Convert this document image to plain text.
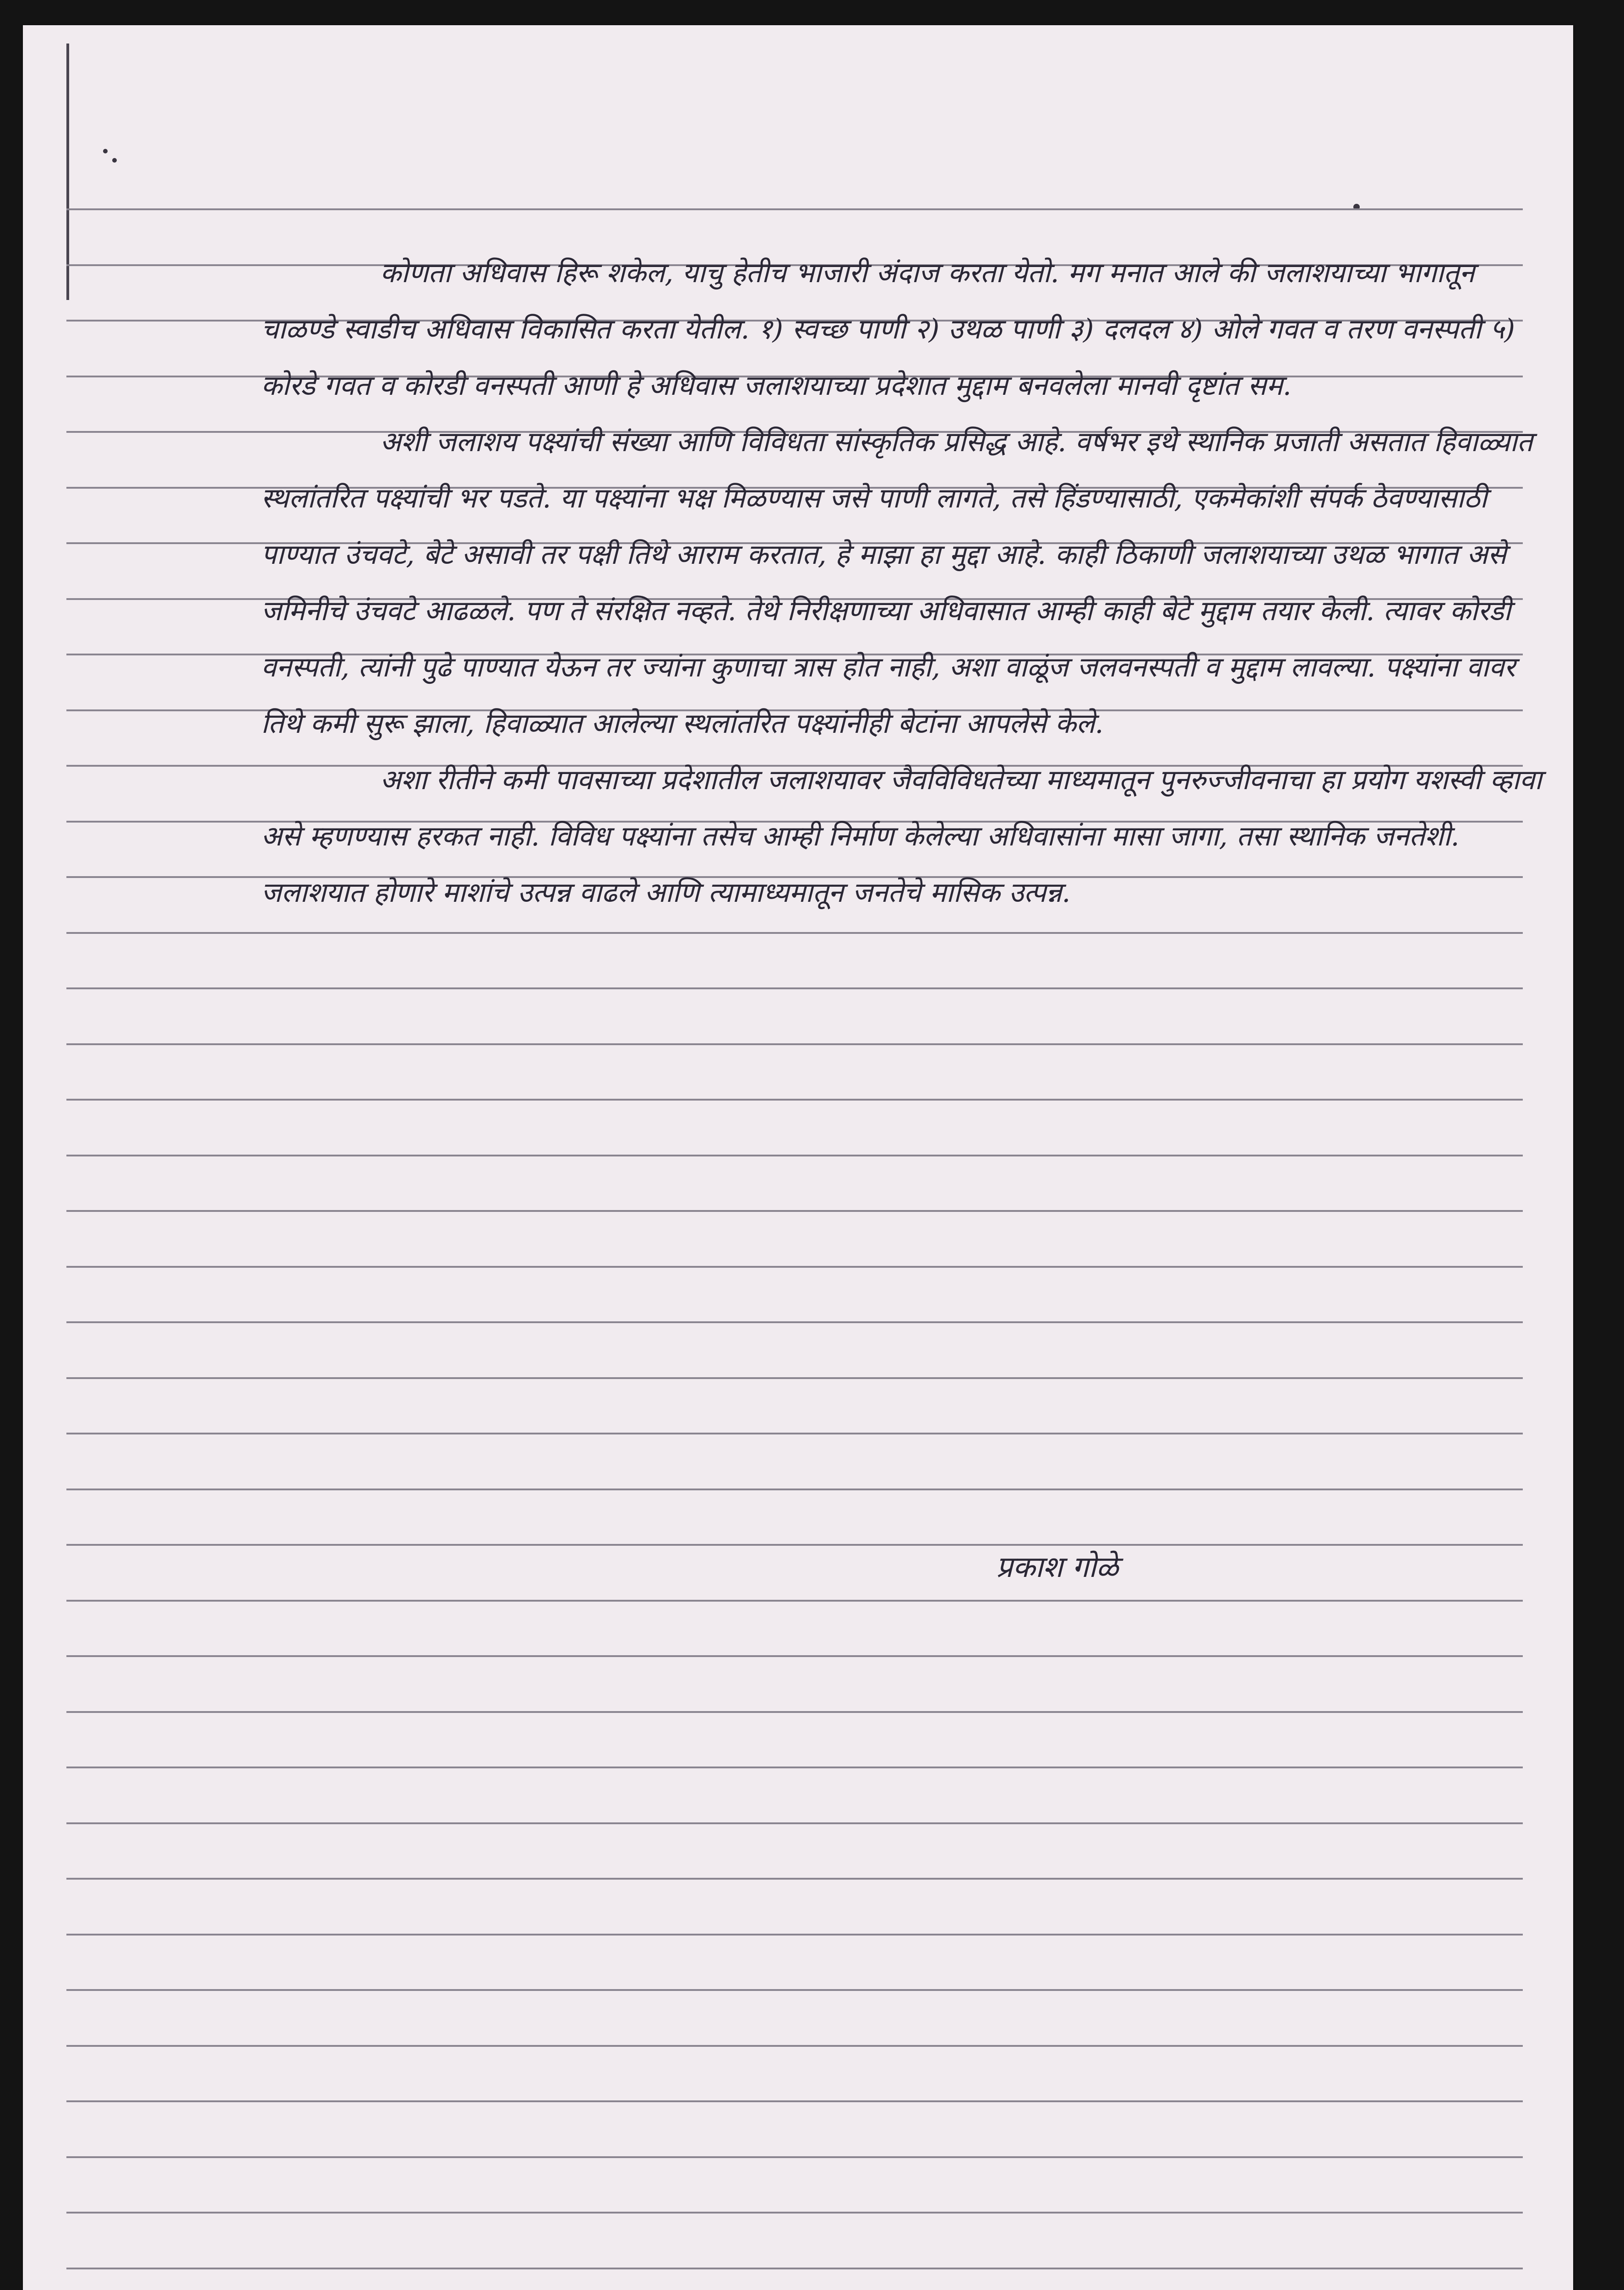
कोणता अधिवास हिरू शकेल, याचु हेतीच भाजारी अंदाज करता येतो. मग मनात आले की जलाशयाच्या भागातून चाळण्डे स्वाडीच अधिवास विकासित करता येतील. १) स्वच्छ पाणी २) उथळ पाणी ३) दलदल ४) ओले गवत व तरण वनस्पती ५) कोरडे गवत व कोरडी वनस्पती आणी हे अधिवास जलाशयाच्या प्रदेशात मुद्दाम बनवलेला मानवी दृष्टांत सम.

अशी जलाशय पक्ष्यांची संख्या आणि विविधता सांस्कृतिक प्रसिद्ध आहे. वर्षभर इथे स्थानिक प्रजाती असतात हिवाळ्यात स्थलांतरित पक्ष्यांची भर पडते. या पक्ष्यांना भक्ष मिळण्यास जसे पाणी लागते, तसे हिंडण्यासाठी, एकमेकांशी संपर्क ठेवण्यासाठी पाण्यात उंचवटे, बेटे असावी तर पक्षी तिथे आराम करतात, हे माझा हा मुद्दा आहे. काही ठिकाणी जलाशयाच्या उथळ भागात असे जमिनीचे उंचवटे आढळले. पण ते संरक्षित नव्हते. तेथे निरीक्षणाच्या अधिवासात आम्ही काही बेटे मुद्दाम तयार केली. त्यावर कोरडी वनस्पती, त्यांनी पुढे पाण्यात येऊन तर ज्यांना कुणाचा त्रास होत नाही, अशा वाळूंज जलवनस्पती व मुद्दाम लावल्या. पक्ष्यांना वावर तिथे कमी सुरू झाला, हिवाळ्यात आलेल्या स्थलांतरित पक्ष्यांनीही बेटांना आपलेसे केले.

अशा रीतीने कमी पावसाच्या प्रदेशातील जलाशयावर जैवविविधतेच्या माध्यमातून पुनरुज्जीवनाचा हा प्रयोग यशस्वी व्हावा असे म्हणण्यास हरकत नाही. विविध पक्ष्यांना तसेच आम्ही निर्माण केलेल्या अधिवासांना मासा जागा, तसा स्थानिक जनतेशी. जलाशयात होणारे माशांचे उत्पन्न वाढले आणि त्यामाध्यमातून जनतेचे मासिक उत्पन्न.

प्रकाश गोळे
